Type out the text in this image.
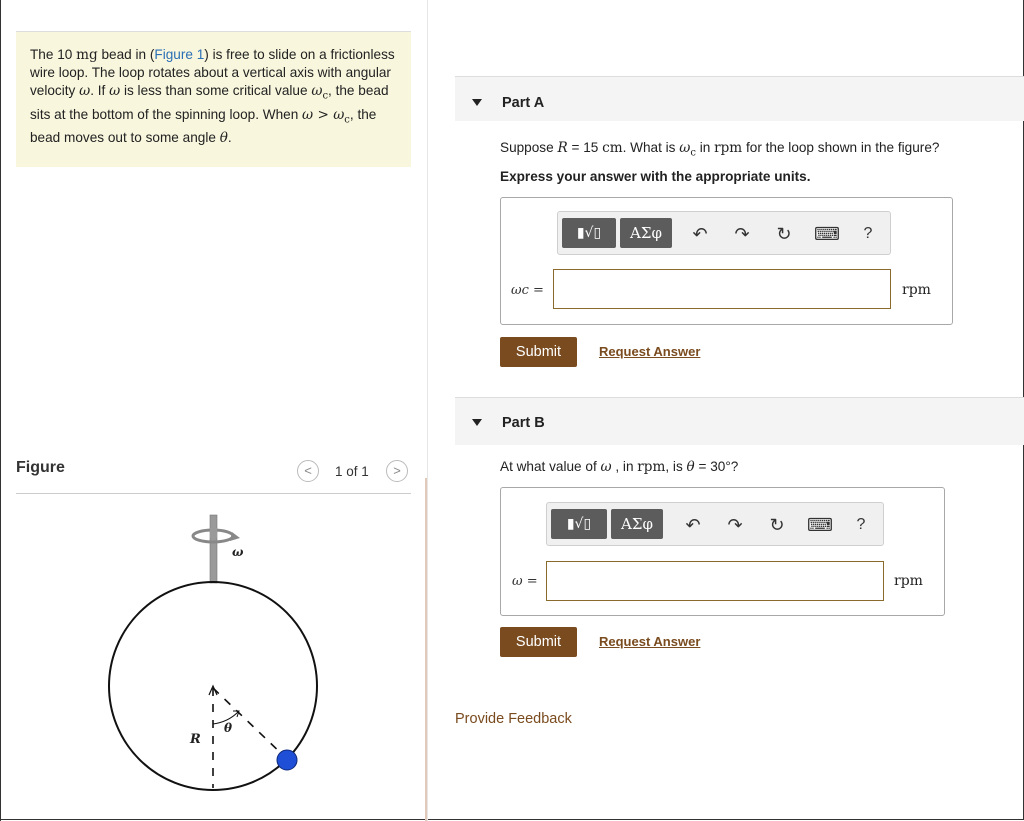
The 10 mg bead in (Figure 1) is free to slide on a frictionless wire loop. The loop rotates about a vertical axis with angular velocity ω. If ω is less than some critical value $\omega_c$, the bead sits at the bottom of the spinning loop. When $\omega > \omega_c$, the bead moves out to some angle θ.
Figure	<	1 of 1	>
ω
θ
R
Part A
Suppose R = 15 cm. What is $\omega_c$ in rpm for the loop shown in the figure?
Express your answer with the appropriate units.
▮√▯	ΑΣφ	↶ ↷ ↻ ⌨	?
ωc =	rpm
Submit	Request Answer
Part B
At what value of ω , in rpm, is θ = 30°?
▮√▯	ΑΣφ	↶ ↷ ↻ ⌨	?
ω =	rpm
Submit	Request Answer
Provide Feedback
